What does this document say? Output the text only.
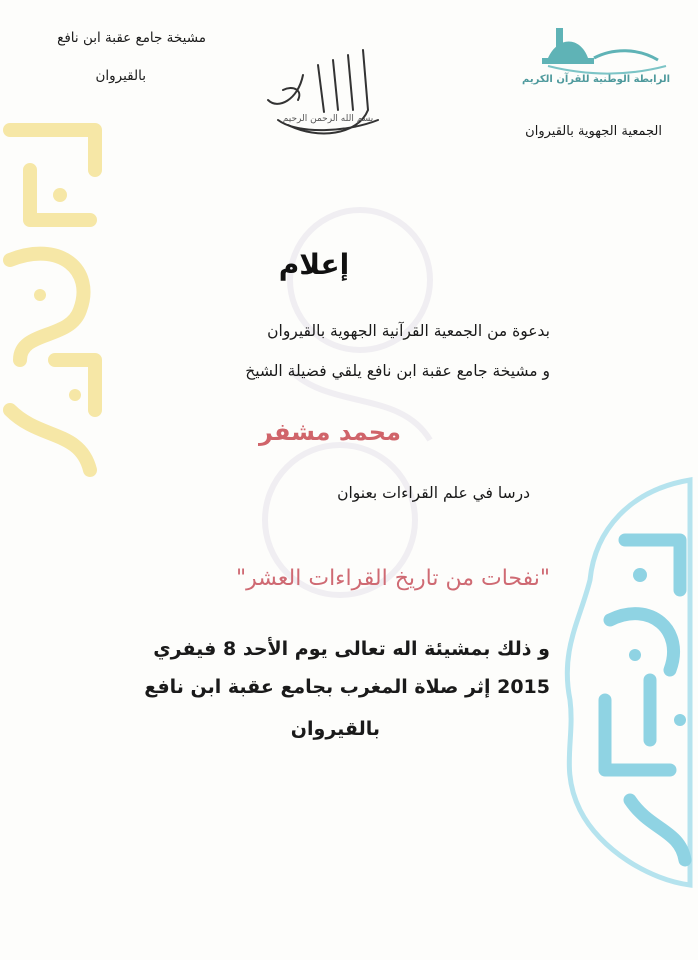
مشيخة جامع عقبة ابن نافع
بالقيروان
بسم الله الرحمن الرحيم
الرابطة الوطنية للقرآن الكريم
الجمعية الجهوية بالقيروان
إعلام
بدعوة من الجمعية القرآنية الجهوية بالقيروان
و مشيخة جامع عقبة ابن نافع يلقي فضيلة الشيخ
محمد مشفر
درسا في علم القراءات بعنوان
"نفحات من تاريخ القراءات العشر"
و ذلك بمشيئة اله تعالى يوم الأحد 8 فيفري
2015 إثر صلاة المغرب بجامع عقبة ابن نافع
بالقيروان
